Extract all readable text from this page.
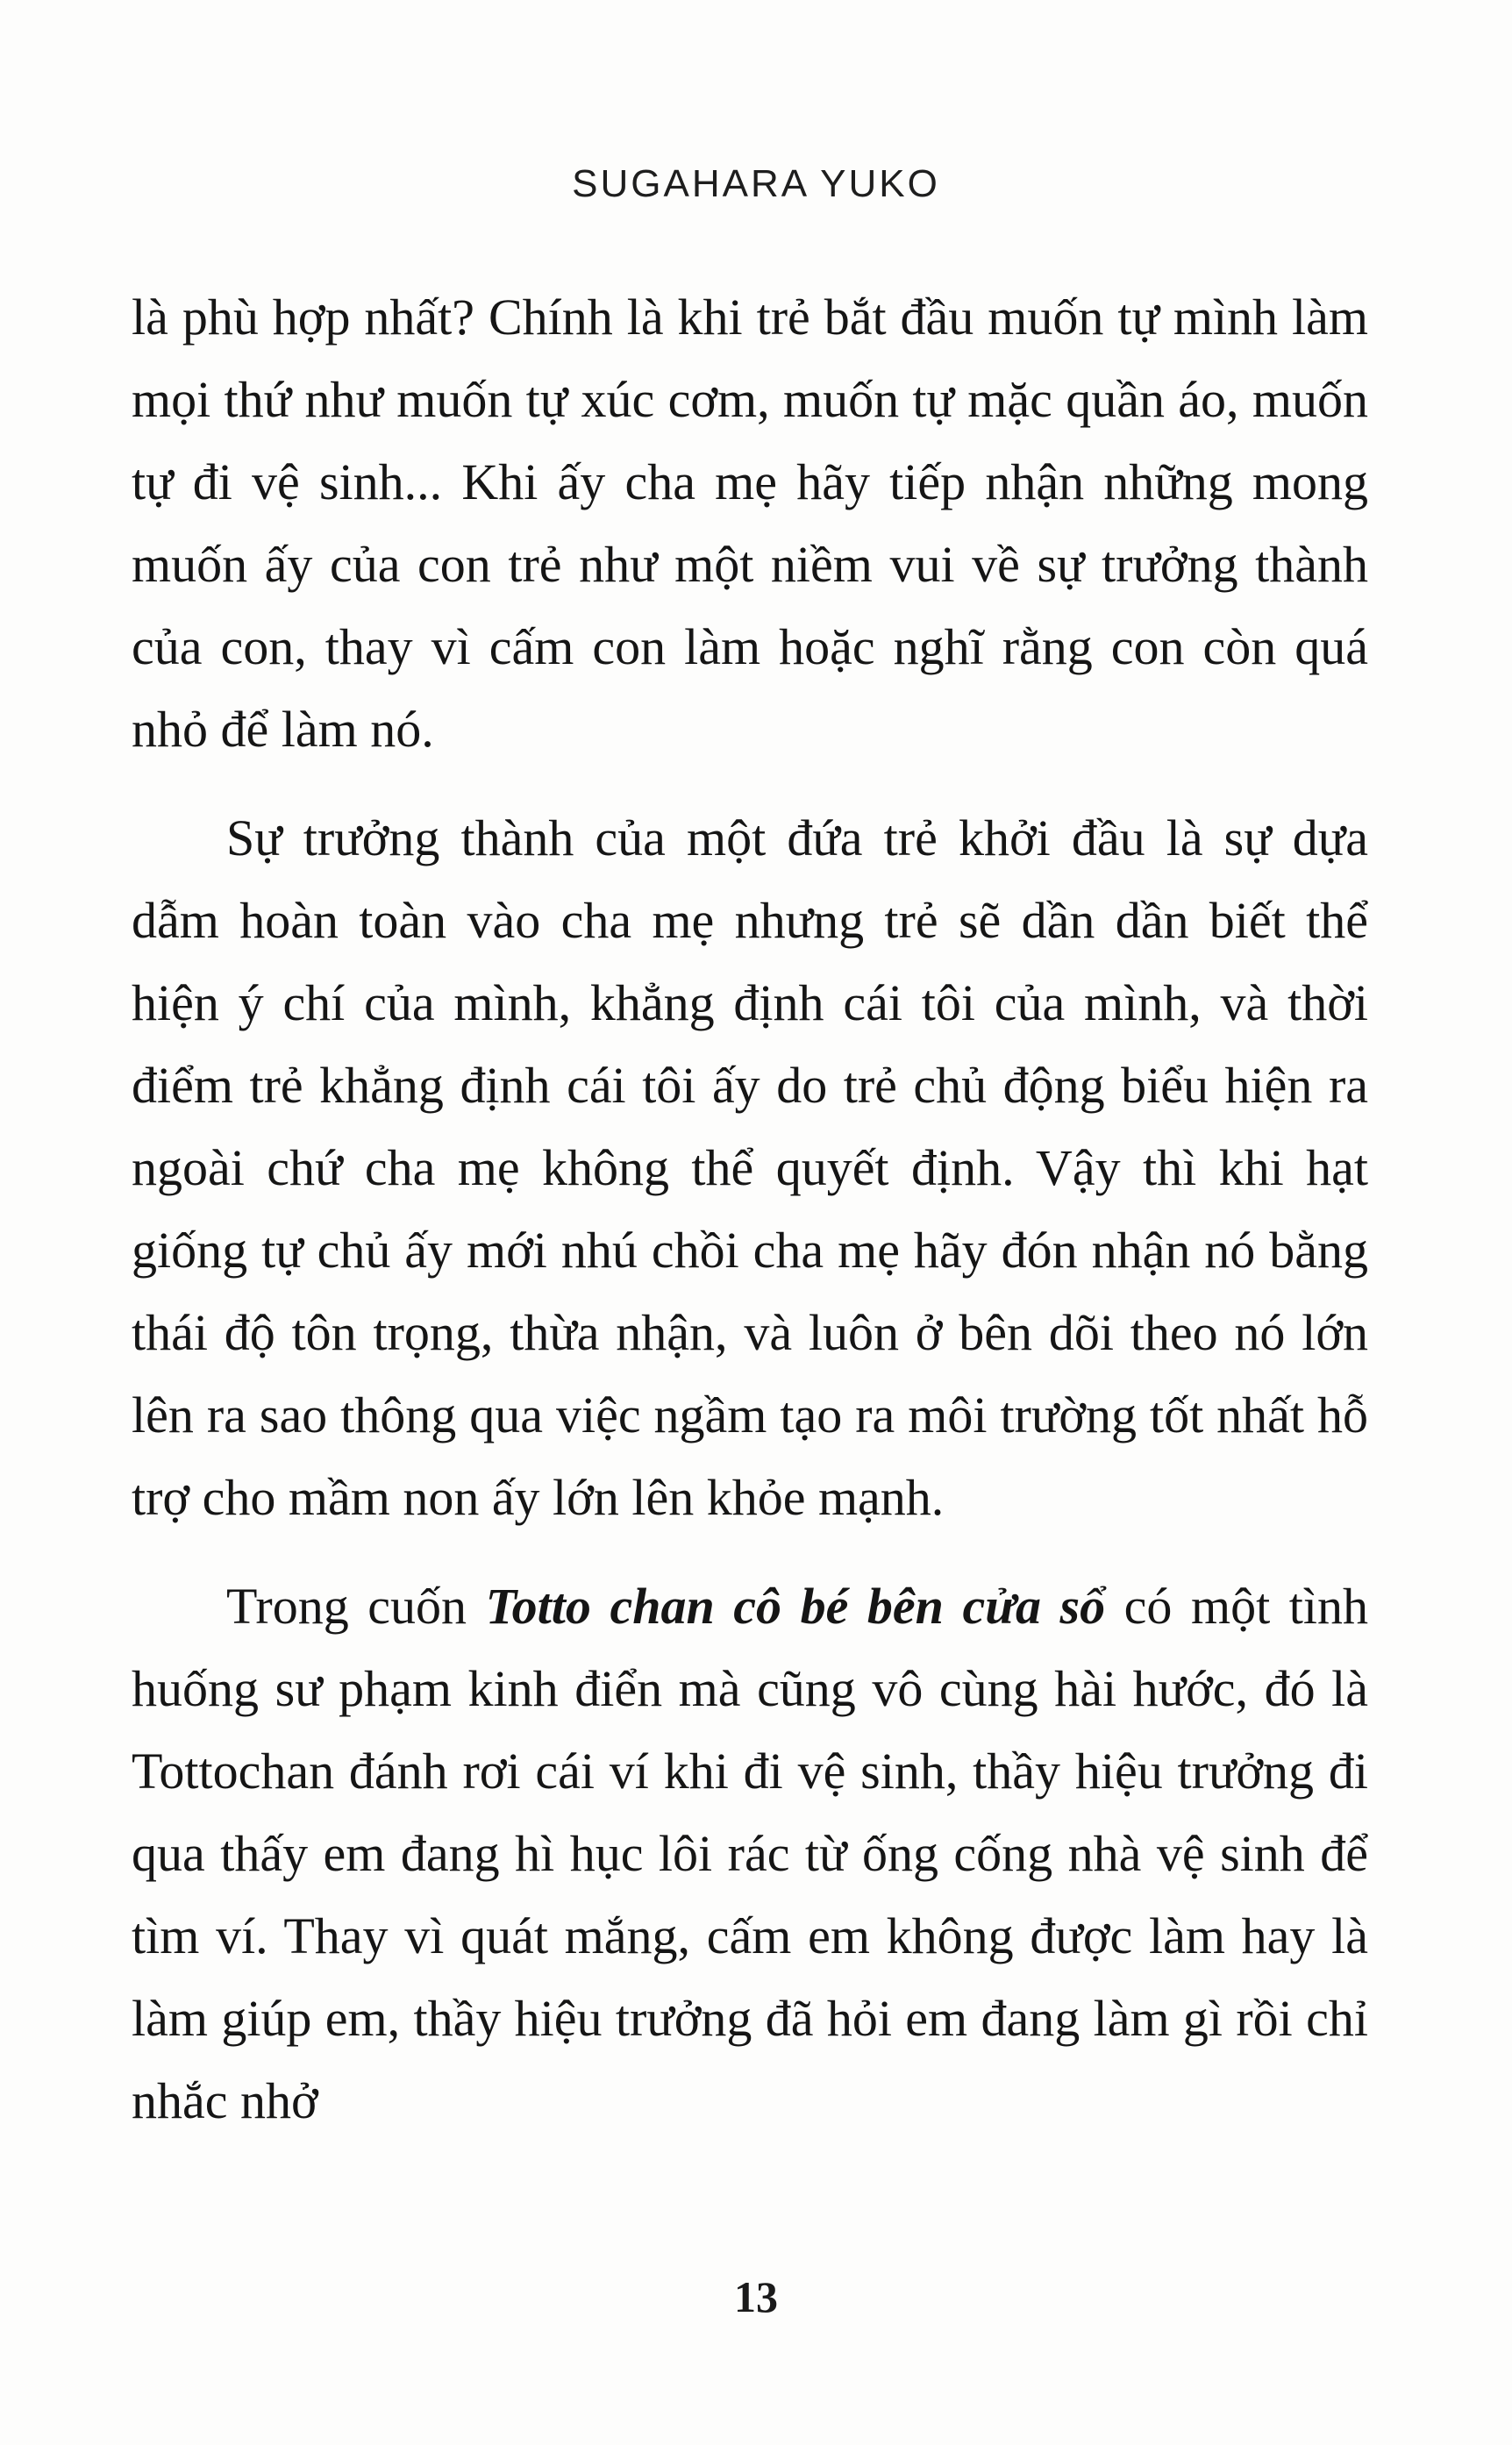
SUGAHARA YUKO

là phù hợp nhất? Chính là khi trẻ bắt đầu muốn tự mình làm mọi thứ như muốn tự xúc cơm, muốn tự mặc quần áo, muốn tự đi vệ sinh... Khi ấy cha mẹ hãy tiếp nhận những mong muốn ấy của con trẻ như một niềm vui về sự trưởng thành của con, thay vì cấm con làm hoặc nghĩ rằng con còn quá nhỏ để làm nó.

Sự trưởng thành của một đứa trẻ khởi đầu là sự dựa dẫm hoàn toàn vào cha mẹ nhưng trẻ sẽ dần dần biết thể hiện ý chí của mình, khẳng định cái tôi của mình, và thời điểm trẻ khẳng định cái tôi ấy do trẻ chủ động biểu hiện ra ngoài chứ cha mẹ không thể quyết định. Vậy thì khi hạt giống tự chủ ấy mới nhú chồi cha mẹ hãy đón nhận nó bằng thái độ tôn trọng, thừa nhận, và luôn ở bên dõi theo nó lớn lên ra sao thông qua việc ngầm tạo ra môi trường tốt nhất hỗ trợ cho mầm non ấy lớn lên khỏe mạnh.

Trong cuốn Totto chan cô bé bên cửa sổ có một tình huống sư phạm kinh điển mà cũng vô cùng hài hước, đó là Tottochan đánh rơi cái ví khi đi vệ sinh, thầy hiệu trưởng đi qua thấy em đang hì hục lôi rác từ ống cống nhà vệ sinh để tìm ví. Thay vì quát mắng, cấm em không được làm hay là làm giúp em, thầy hiệu trưởng đã hỏi em đang làm gì rồi chỉ nhắc nhở

13
